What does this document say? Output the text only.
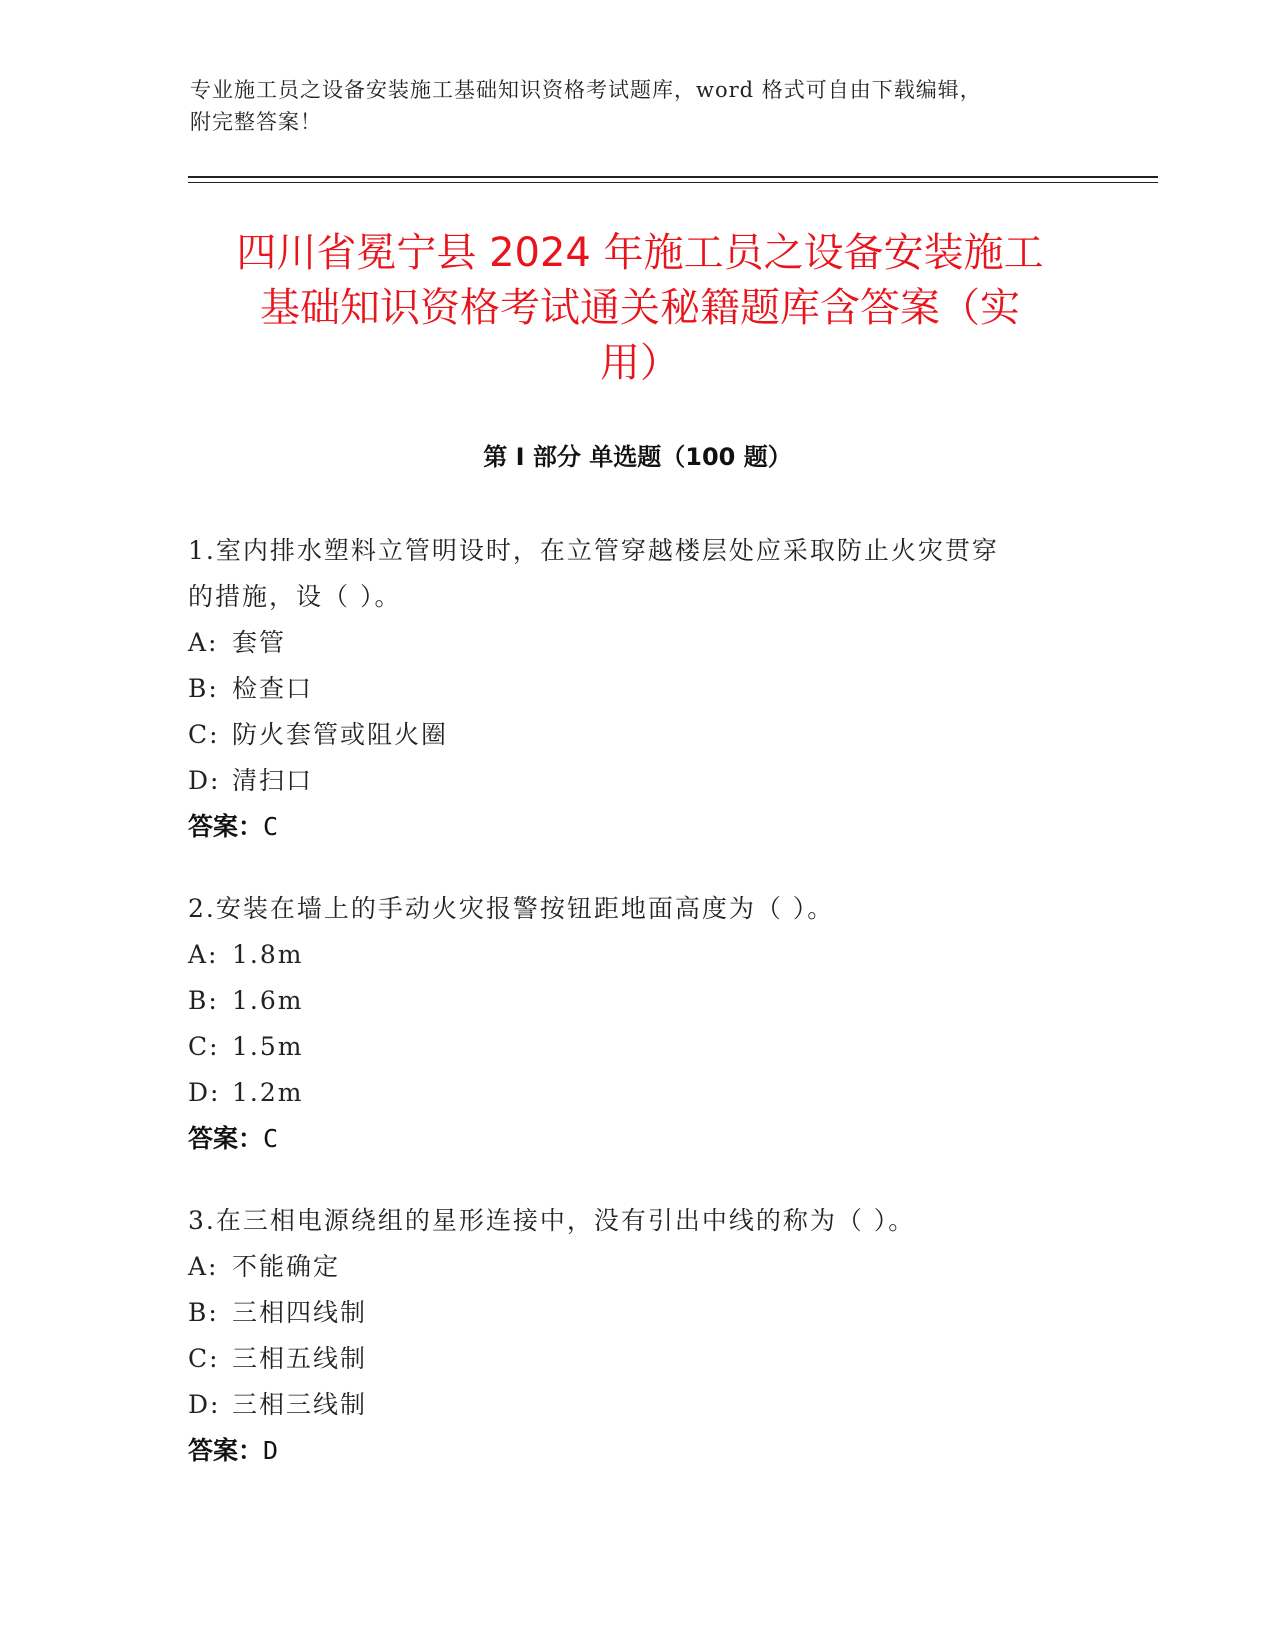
专业施工员之设备安装施工基础知识资格考试题库，word 格式可自由下载编辑，
附完整答案！
四川省冕宁县 2024 年施工员之设备安装施工
基础知识资格考试通关秘籍题库含答案（实
用）
第 I 部分 单选题（100 题）
1.室内排水塑料立管明设时，在立管穿越楼层处应采取防止火灾贯穿
的措施，设（ ）。
A: 套管
B: 检查口
C: 防火套管或阻火圈
D: 清扫口
答案：C
2.安装在墙上的手动火灾报警按钮距地面高度为（ ）。
A: 1.8m
B: 1.6m
C: 1.5m
D: 1.2m
答案：C
3.在三相电源绕组的星形连接中，没有引出中线的称为（ ）。
A: 不能确定
B: 三相四线制
C: 三相五线制
D: 三相三线制
答案：D
